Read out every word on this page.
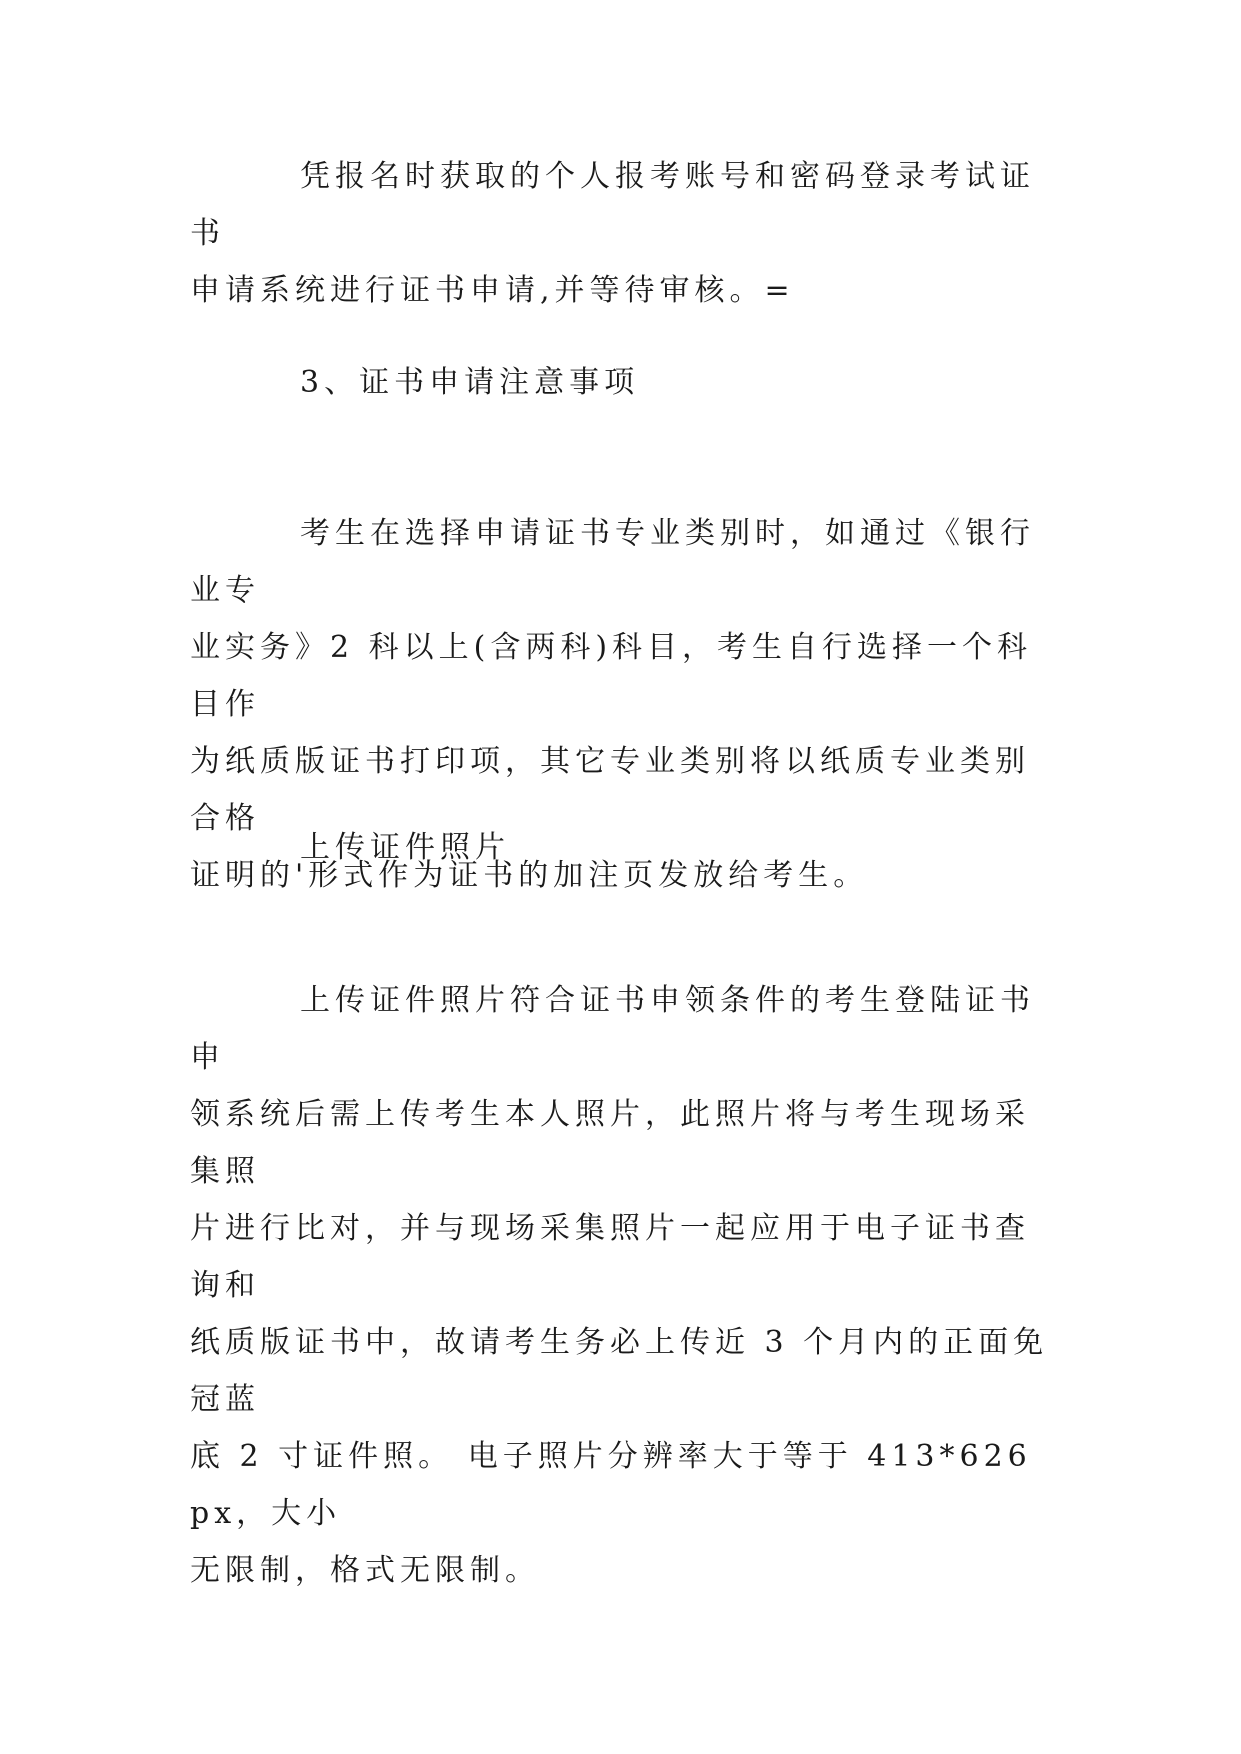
凭报名时获取的个人报考账号和密码登录考试证书
申请系统进行证书申请,并等待审核。=

3、证书申请注意事项

考生在选择申请证书专业类别时，如通过《银行业专
业实务》2 科以上(含两科)科目，考生自行选择一个科目作
为纸质版证书打印项，其它专业类别将以纸质专业类别合格
证明的'形式作为证书的加注页发放给考生。

上传证件照片

上传证件照片符合证书申领条件的考生登陆证书申
领系统后需上传考生本人照片，此照片将与考生现场采集照
片进行比对，并与现场采集照片一起应用于电子证书查询和
纸质版证书中，故请考生务必上传近 3 个月内的正面免冠蓝
底 2 寸证件照。 电子照片分辨率大于等于 413*626px，大小
无限制，格式无限制。
